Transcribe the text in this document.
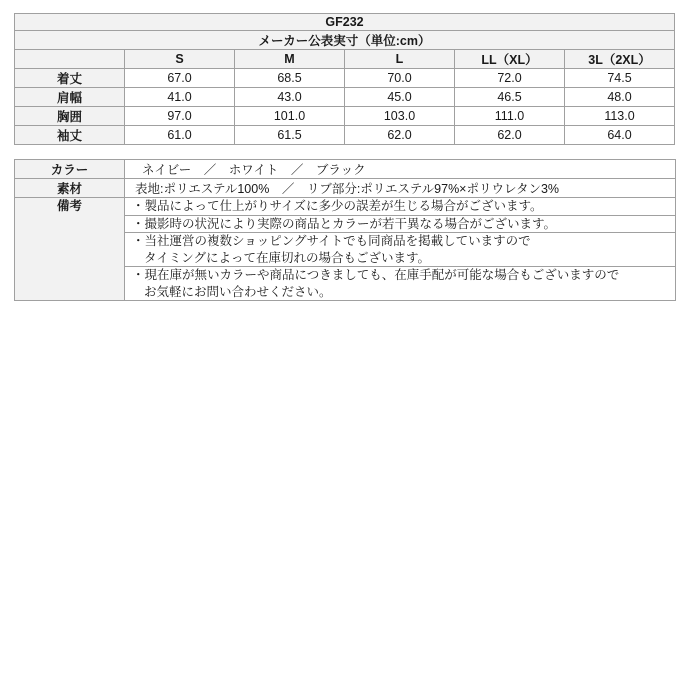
GF232					
メーカー公表実寸（単位:cm）					
	S	M	L	LL（XL）	3L（2XL）
着丈	67.0	68.5	70.0	72.0	74.5
肩幅	41.0	43.0	45.0	46.5	48.0
胸囲	97.0	101.0	103.0	111.0	113.0
袖丈	61.0	61.5	62.0	62.0	64.0
カラー	ネイビー　／　ホワイト　／　ブラック
素材	表地:ポリエステル100%　／　リブ部分:ポリエステル97%×ポリウレタン3%
備考	・製品によって仕上がりサイズに多少の誤差が生じる場合がございます。

	・撮影時の状況により実際の商品とカラーが若干異なる場合がございます。

	・当社運営の複数ショッピングサイトでも同商品を掲載していますので
タイミングによって在庫切れの場合もございます。

	・現在庫が無いカラーや商品につきましても、在庫手配が可能な場合もございますので
お気軽にお問い合わせください。
